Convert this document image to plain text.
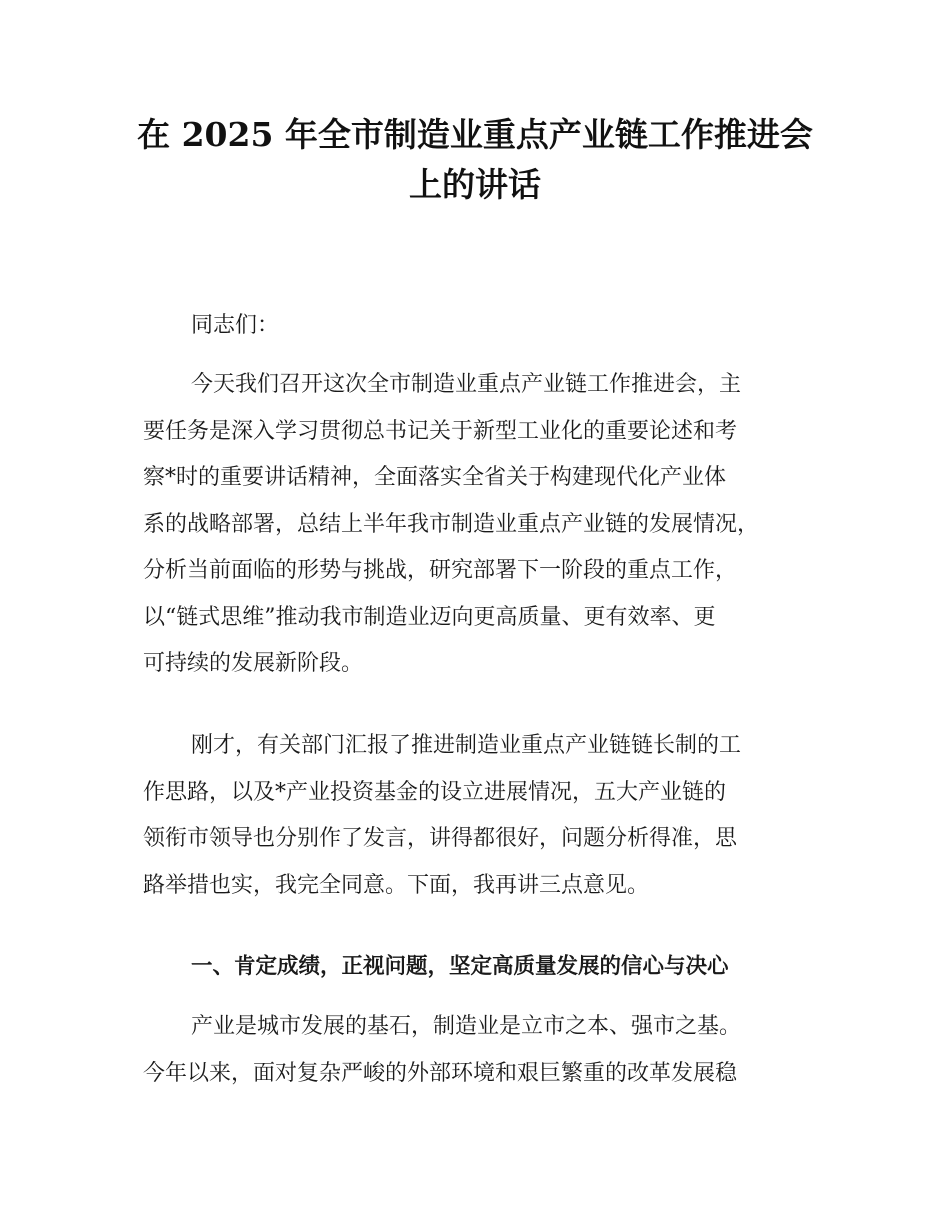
在 2025 年全市制造业重点产业链工作推进会
上的讲话

同志们：

今天我们召开这次全市制造业重点产业链工作推进会，主
要任务是深入学习贯彻总书记关于新型工业化的重要论述和考
察*时的重要讲话精神，全面落实全省关于构建现代化产业体
系的战略部署，总结上半年我市制造业重点产业链的发展情况，
分析当前面临的形势与挑战，研究部署下一阶段的重点工作，
以“链式思维”推动我市制造业迈向更高质量、更有效率、更
可持续的发展新阶段。
刚才，有关部门汇报了推进制造业重点产业链链长制的工
作思路，以及*产业投资基金的设立进展情况，五大产业链的
领衔市领导也分别作了发言，讲得都很好，问题分析得准，思
路举措也实，我完全同意。下面，我再讲三点意见。
一、肯定成绩，正视问题，坚定高质量发展的信心与决心
产业是城市发展的基石，制造业是立市之本、强市之基。
今年以来，面对复杂严峻的外部环境和艰巨繁重的改革发展稳
